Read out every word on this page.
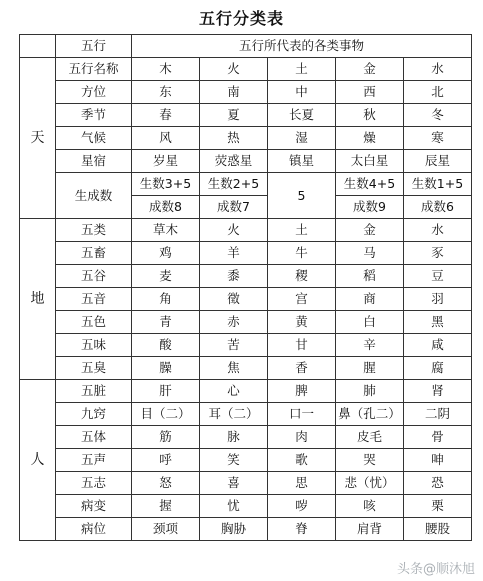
五行分类表
	五行	五行所代表的各类事物				
天	五行名称	木	火	土	金	水
	方位	东	南	中	西	北
	季节	春	夏	长夏	秋	冬
	气候	风	热	湿	燥	寒
	星宿	岁星	荧惑星	镇星	太白星	辰星
	生成数	生数3+5	生数2+5	5	生数4+5	生数1+5
		成数8	成数7		成数9	成数6
地	五类	草木	火	土	金	水
	五畜	鸡	羊	牛	马	豕
	五谷	麦	黍	稷	稻	豆
	五音	角	徵	宫	商	羽
	五色	青	赤	黄	白	黑
	五味	酸	苦	甘	辛	咸
	五臭	臊	焦	香	腥	腐
人	五脏	肝	心	脾	肺	肾
	九窍	目（二）	耳（二）	口一	鼻（孔二）	二阴
	五体	筋	脉	肉	皮毛	骨
	五声	呼	笑	歌	哭	呻
	五志	怒	喜	思	悲（忧）	恐
	病变	握	忧	哕	咳	栗
	病位	颈项	胸胁	脊	肩背	腰股
头条@顺沐旭
